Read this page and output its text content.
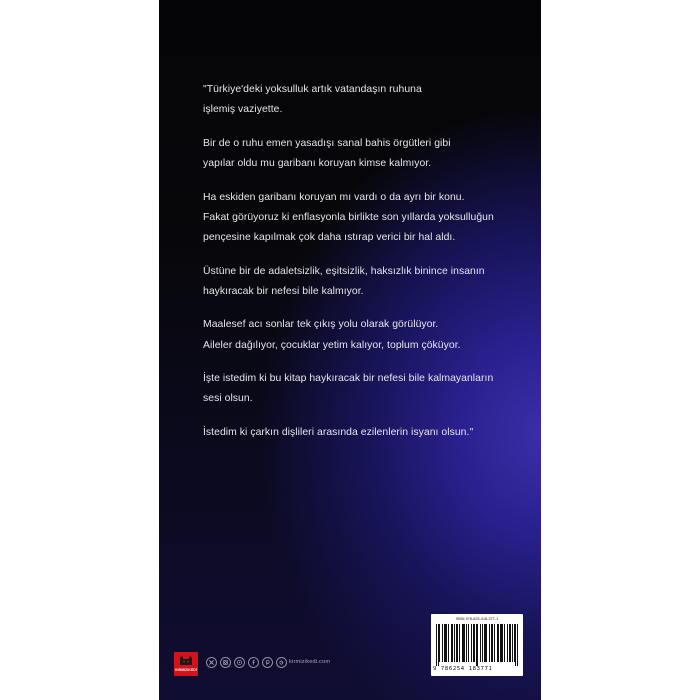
"Türkiye'deki yoksulluk artık vatandaşın ruhuna
işlemiş vaziyette.
Bir de o ruhu emen yasadışı sanal bahis örgütleri gibi
yapılar oldu mu garibanı koruyan kimse kalmıyor.
Ha eskiden garibanı koruyan mı vardı o da ayrı bir konu.
Fakat görüyoruz ki enflasyonla birlikte son yıllarda yoksulluğun
pençesine kapılmak çok daha ıstırap verici bir hal aldı.
Üstüne bir de adaletsizlik, eşitsizlik, haksızlık binince insanın
haykıracak bir nefesi bile kalmıyor.
Maalesef acı sonlar tek çıkış yolu olarak görülüyor.
Aileler dağılıyor, çocuklar yetim kalıyor, toplum çöküyor.
İşte istedim ki bu kitap haykıracak bir nefesi bile kalmayanların
sesi olsun.
İstedim ki çarkın dişlileri arasında ezilenlerin isyanı olsun."
KIRMIZIKEDİ
kirmizikedi.com
ISBN 978-625-418-377-1
9 786254 183771
